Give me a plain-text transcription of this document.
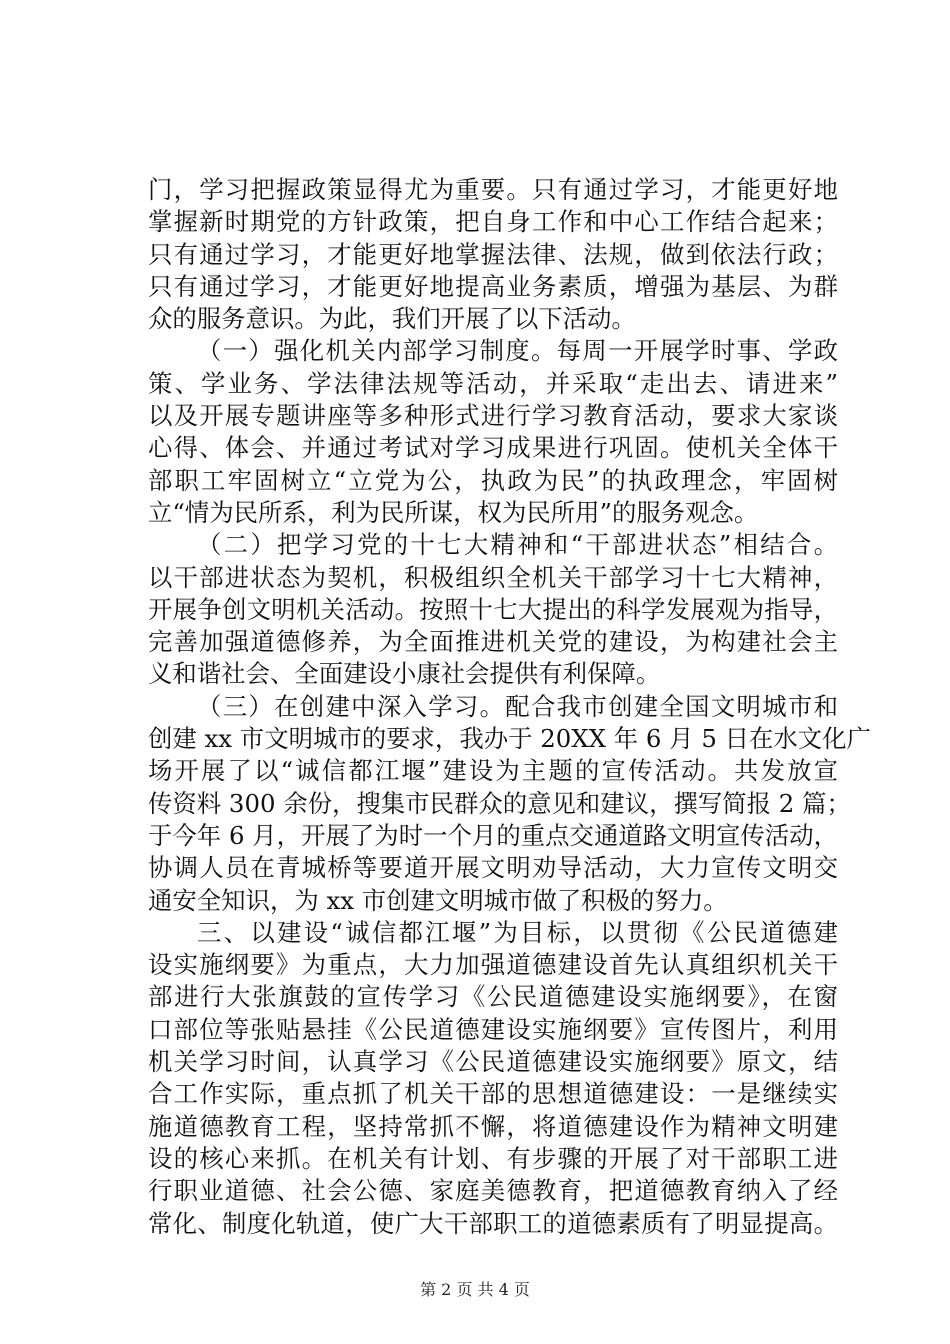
门，学习把握政策显得尤为重要。只有通过学习，才能更好地
掌握新时期党的方针政策，把自身工作和中心工作结合起来；
只有通过学习，才能更好地掌握法律、法规，做到依法行政；
只有通过学习，才能更好地提高业务素质，增强为基层、为群
众的服务意识。为此，我们开展了以下活动。
（一）强化机关内部学习制度。每周一开展学时事、学政
策、学业务、学法律法规等活动，并采取“走出去、请进来”
以及开展专题讲座等多种形式进行学习教育活动，要求大家谈
心得、体会、并通过考试对学习成果进行巩固。使机关全体干
部职工牢固树立“立党为公，执政为民”的执政理念，牢固树
立“情为民所系，利为民所谋，权为民所用”的服务观念。
（二）把学习党的十七大精神和“干部进状态”相结合。
以干部进状态为契机，积极组织全机关干部学习十七大精神，
开展争创文明机关活动。按照十七大提出的科学发展观为指导，
完善加强道德修养，为全面推进机关党的建设，为构建社会主
义和谐社会、全面建设小康社会提供有利保障。
（三）在创建中深入学习。配合我市创建全国文明城市和
创建 xx 市文明城市的要求，我办于 20XX 年 6 月 5 日在水文化广
场开展了以“诚信都江堰”建设为主题的宣传活动。共发放宣
传资料 300 余份，搜集市民群众的意见和建议，撰写简报 2 篇；
于今年 6 月，开展了为时一个月的重点交通道路文明宣传活动，
协调人员在青城桥等要道开展文明劝导活动，大力宣传文明交
通安全知识，为 xx 市创建文明城市做了积极的努力。
三、以建设“诚信都江堰”为目标，以贯彻《公民道德建
设实施纲要》为重点，大力加强道德建设首先认真组织机关干
部进行大张旗鼓的宣传学习《公民道德建设实施纲要》，在窗
口部位等张贴悬挂《公民道德建设实施纲要》宣传图片，利用
机关学习时间，认真学习《公民道德建设实施纲要》原文，结
合工作实际，重点抓了机关干部的思想道德建设：一是继续实
施道德教育工程，坚持常抓不懈，将道德建设作为精神文明建
设的核心来抓。在机关有计划、有步骤的开展了对干部职工进
行职业道德、社会公德、家庭美德教育，把道德教育纳入了经
常化、制度化轨道，使广大干部职工的道德素质有了明显提高。
第 2 页 共 4 页
